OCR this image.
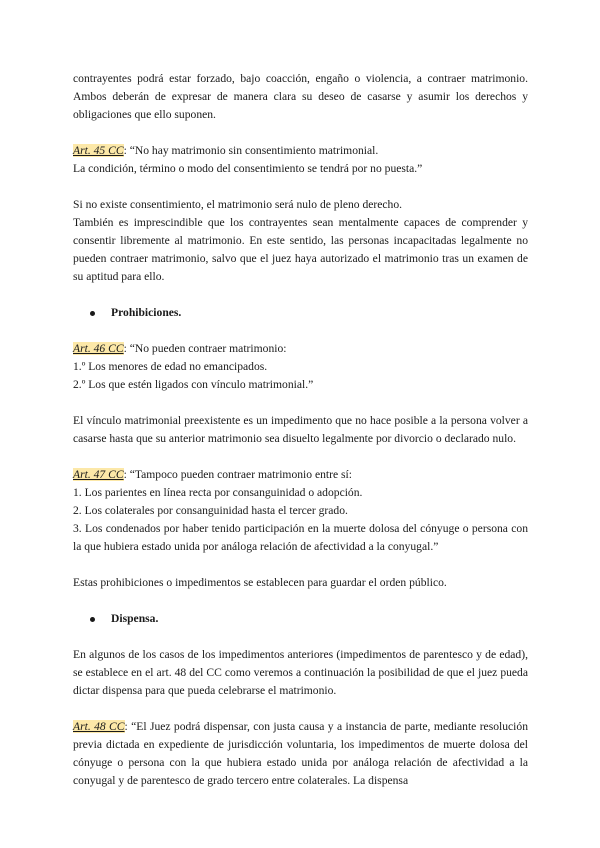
contrayentes podrá estar forzado, bajo coacción, engaño o violencia, a contraer matrimonio. Ambos deberán de expresar de manera clara su deseo de casarse y asumir los derechos y obligaciones que ello suponen.

Art. 45 CC: “No hay matrimonio sin consentimiento matrimonial.

La condición, término o modo del consentimiento se tendrá por no puesta.”

Si no existe consentimiento, el matrimonio será nulo de pleno derecho.

También es imprescindible que los contrayentes sean mentalmente capaces de comprender y consentir libremente al matrimonio. En este sentido, las personas incapacitadas legalmente no pueden contraer matrimonio, salvo que el juez haya autorizado el matrimonio tras un examen de su aptitud para ello.

Prohibiciones.

Art. 46 CC: “No pueden contraer matrimonio:

1.º Los menores de edad no emancipados.

2.º Los que estén ligados con vínculo matrimonial.”

El vínculo matrimonial preexistente es un impedimento que no hace posible a la persona volver a casarse hasta que su anterior matrimonio sea disuelto legalmente por divorcio o declarado nulo.

Art. 47 CC: “Tampoco pueden contraer matrimonio entre sí:

1. Los parientes en línea recta por consanguinidad o adopción.

2. Los colaterales por consanguinidad hasta el tercer grado.

3. Los condenados por haber tenido participación en la muerte dolosa del cónyuge o persona con la que hubiera estado unida por análoga relación de afectividad a la conyugal.”

Estas prohibiciones o impedimentos se establecen para guardar el orden público.

Dispensa.

En algunos de los casos de los impedimentos anteriores (impedimentos de parentesco y de edad), se establece en el art. 48 del CC como veremos a continuación la posibilidad de que el juez pueda dictar dispensa para que pueda celebrarse el matrimonio.

Art. 48 CC: “El Juez podrá dispensar, con justa causa y a instancia de parte, mediante resolución previa dictada en expediente de jurisdicción voluntaria, los impedimentos de muerte dolosa del cónyuge o persona con la que hubiera estado unida por análoga relación de afectividad a la conyugal y de parentesco de grado tercero entre colaterales. La dispensa
